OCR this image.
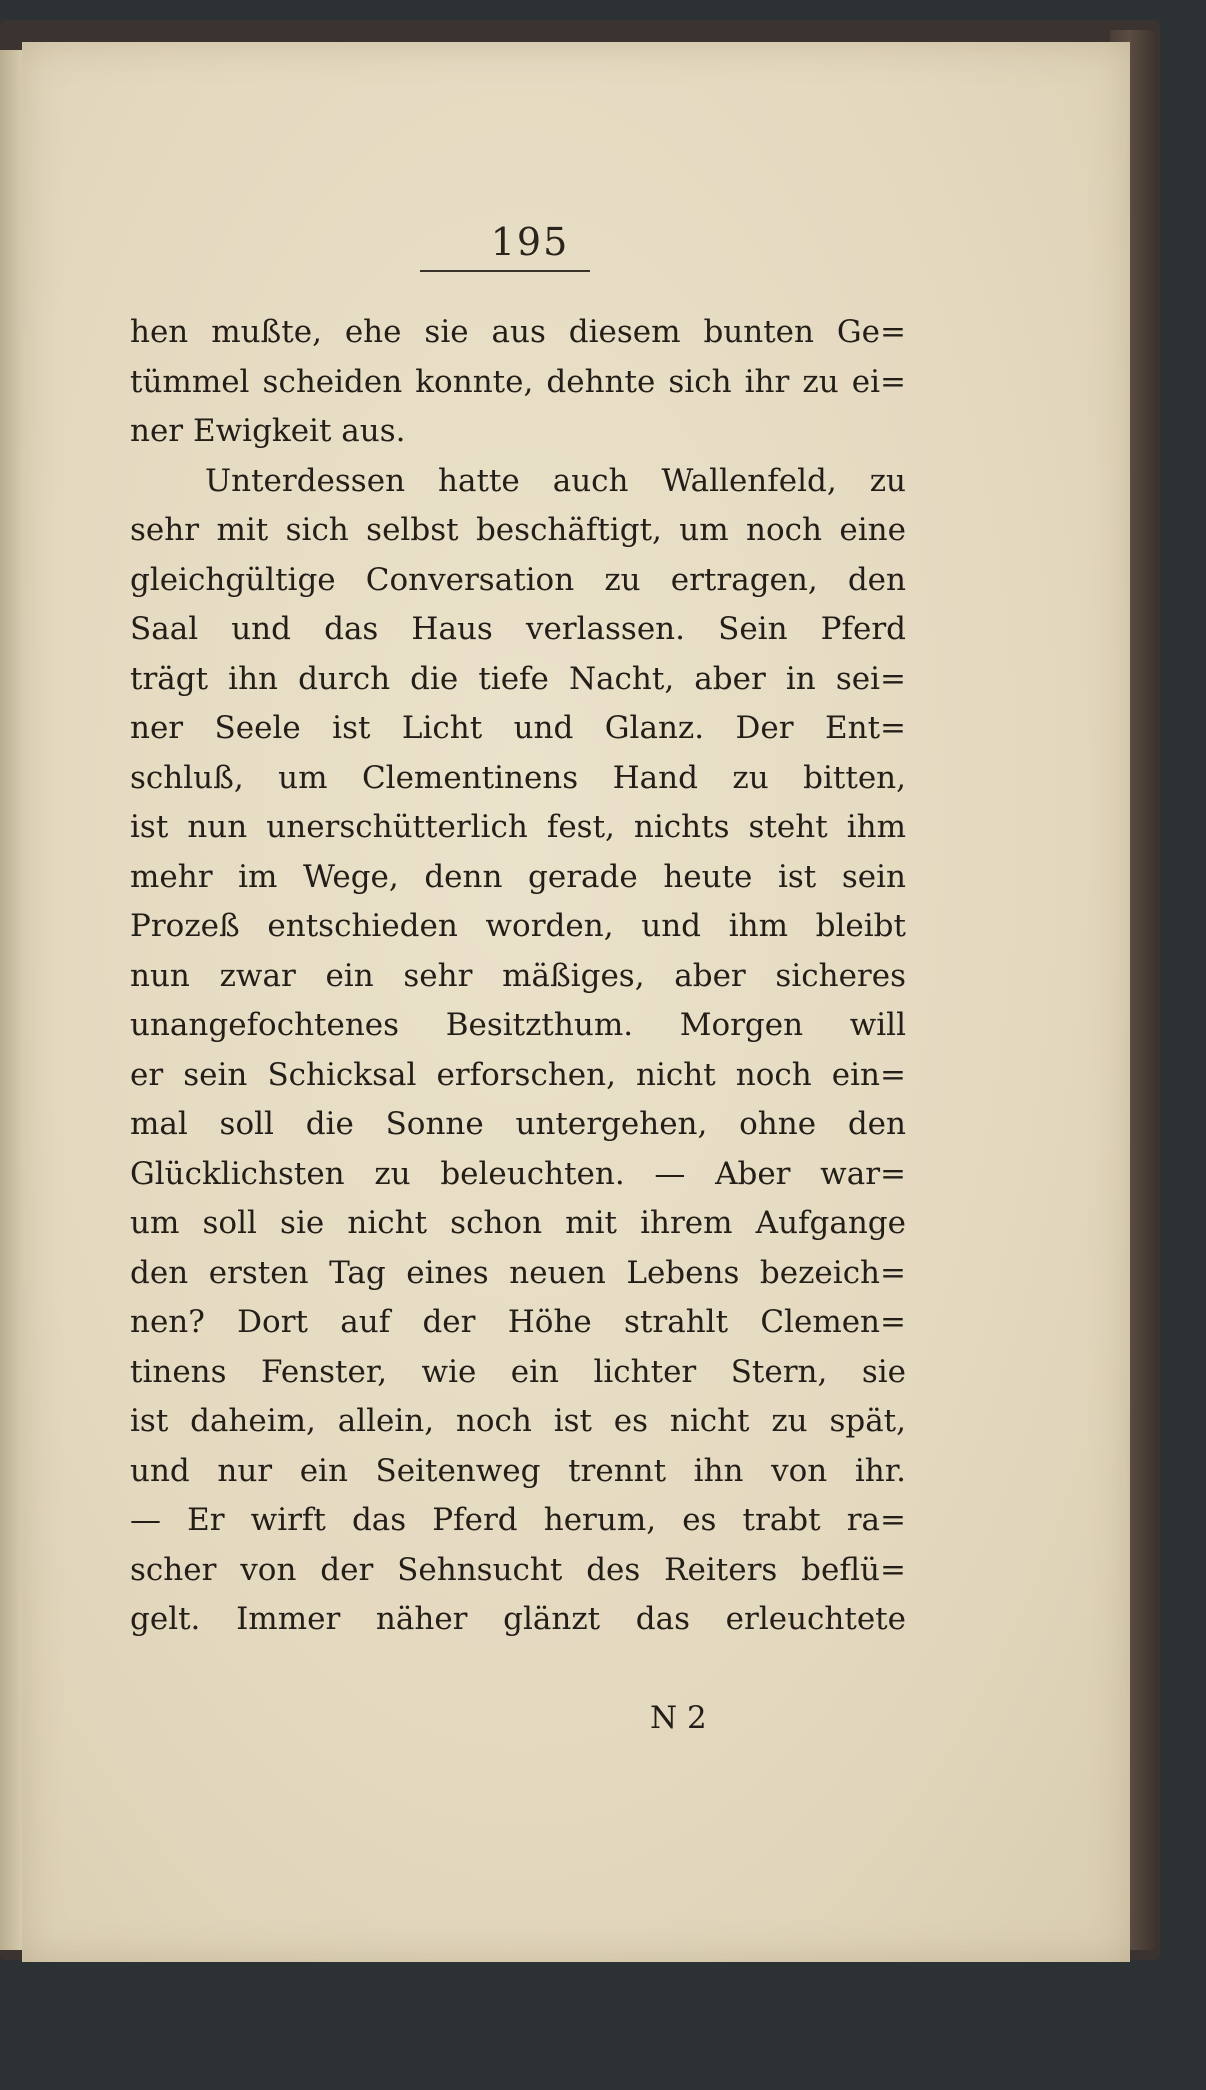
195
hen mußte, ehe sie aus diesem bunten Ge=
tümmel scheiden konnte, dehnte sich ihr zu ei=
ner Ewigkeit aus.
Unterdessen hatte auch Wallenfeld, zu
sehr mit sich selbst beschäftigt, um noch eine
gleichgültige Conversation zu ertragen, den
Saal und das Haus verlassen. Sein Pferd
trägt ihn durch die tiefe Nacht, aber in sei=
ner Seele ist Licht und Glanz. Der Ent=
schluß, um Clementinens Hand zu bitten,
ist nun unerschütterlich fest, nichts steht ihm
mehr im Wege, denn gerade heute ist sein
Prozeß entschieden worden, und ihm bleibt
nun zwar ein sehr mäßiges, aber sicheres
unangefochtenes Besitzthum. Morgen will
er sein Schicksal erforschen, nicht noch ein=
mal soll die Sonne untergehen, ohne den
Glücklichsten zu beleuchten. — Aber war=
um soll sie nicht schon mit ihrem Aufgange
den ersten Tag eines neuen Lebens bezeich=
nen? Dort auf der Höhe strahlt Clemen=
tinens Fenster, wie ein lichter Stern, sie
ist daheim, allein, noch ist es nicht zu spät,
und nur ein Seitenweg trennt ihn von ihr.
— Er wirft das Pferd herum, es trabt ra=
scher von der Sehnsucht des Reiters beflü=
gelt. Immer näher glänzt das erleuchtete
N 2
